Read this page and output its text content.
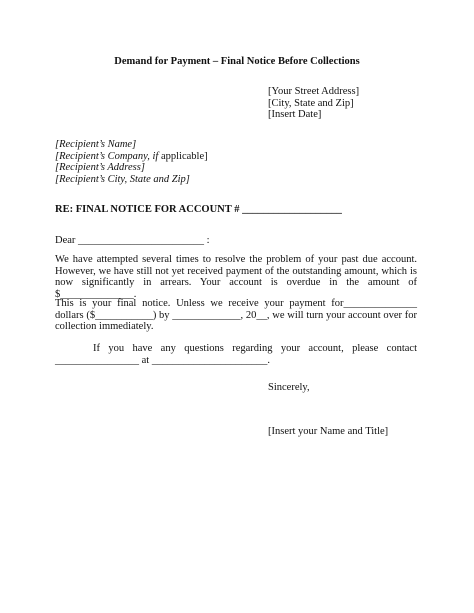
Demand for Payment – Final Notice Before Collections
[Your Street Address]
[City, State and Zip]
[Insert Date]
[Recipient’s Name]
[Recipient’s Company, if applicable]
[Recipient’s Address]
[Recipient’s City, State and Zip]
RE: FINAL NOTICE FOR ACCOUNT # ___________________
Dear ________________________ :
We have attempted several times to resolve the problem of your past due account. However, we have still not yet received payment of the outstanding amount, which is now significantly in arrears. Your account is overdue in the amount of $______________.
This is your final notice. Unless we receive your payment for______________ dollars ($___________) by _____________, 20__, we will turn your account over for collection immediately.
If you have any questions regarding your account, please contact ________________ at ______________________.
Sincerely,
[Insert your Name and Title]
